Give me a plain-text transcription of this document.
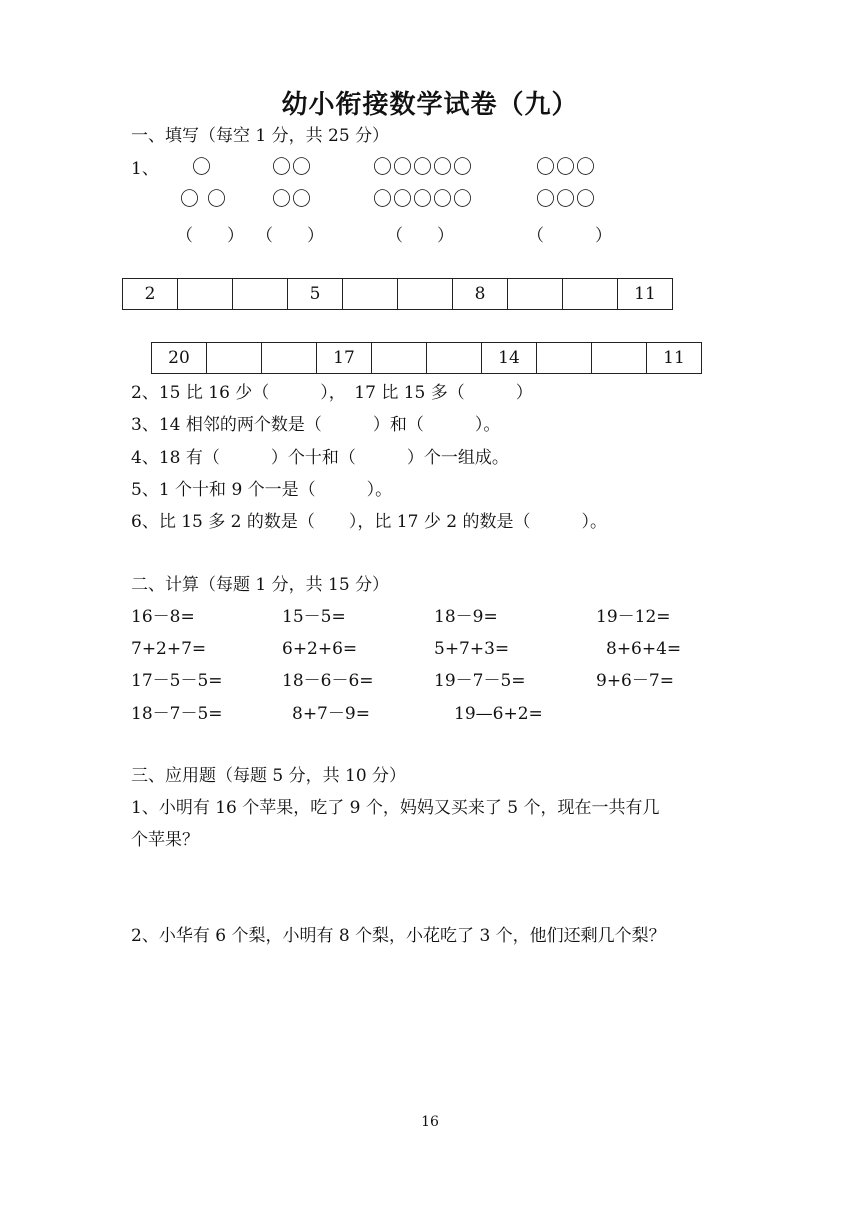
幼小衔接数学试卷（九）
一、填写（每空 1 分，共 25 分）
1、 〇
〇 〇
〇〇
〇〇
〇〇〇〇〇
〇〇〇〇〇
〇〇〇
〇〇〇
（　　） （　　）	（　　）	（　　　）
2			5			8			11
20			17			14			11
2、15 比 16 少（　　　），　17 比 15 多（　　　）
3、14 相邻的两个数是（　　　）和（　　　）。
4、18 有（　　　）个十和（　　　）个一组成。
5、1 个十和 9 个一是（　　　）。
6、比 15 多 2 的数是（　　），比 17 少 2 的数是（　　　）。
二、计算（每题 1 分，共 15 分）
16－8=	15－5=	18－9=	19－12=
7+2+7=	6+2+6=	5+7+3=	8+6+4=
17－5－5=	18－6－6=	19－7－5=	9+6－7=
18－7－5=	8+7－9=	19—6+2=
三、应用题（每题 5 分，共 10 分）
1、小明有 16 个苹果，吃了 9 个，妈妈又买来了 5 个，现在一共有几
个苹果？
2、小华有 6 个梨，小明有 8 个梨，小花吃了 3 个，他们还剩几个梨？
16
